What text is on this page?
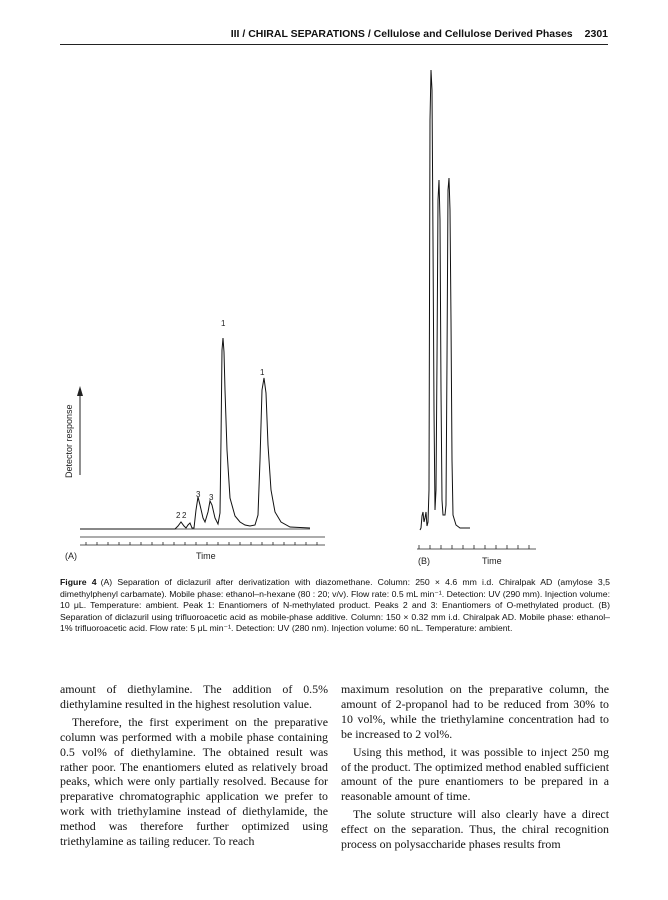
III / CHIRAL SEPARATIONS / Cellulose and Cellulose Derived Phases 2301
Detector response
1
1
3 3
2 2
(A)	Time	(B)	Time
Figure 4 (A) Separation of diclazuril after derivatization with diazomethane. Column: 250 × 4.6 mm i.d. Chiralpak AD (amylose 3,5 dimethylphenyl carbamate). Mobile phase: ethanol–n-hexane (80 : 20; v/v). Flow rate: 0.5 mL min⁻¹. Detection: UV (290 mm). Injection volume: 10 μL. Temperature: ambient. Peak 1: Enantiomers of N-methylated product. Peaks 2 and 3: Enantiomers of O-methylated product. (B) Separation of diclazuril using trifluoroacetic acid as mobile-phase additive. Column: 150 × 0.32 mm i.d. Chiralpak AD. Mobile phase: ethanol–1% trifluoroacetic acid. Flow rate: 5 μL min⁻¹. Detection: UV (280 nm). Injection volume: 60 nL. Temperature: ambient.

amount of diethylamine. The addition of 0.5% diethylamine resulted in the highest resolution value.

Therefore, the first experiment on the preparative column was performed with a mobile phase containing 0.5 vol% of diethylamine. The obtained result was rather poor. The enantiomers eluted as relatively broad peaks, which were only partially resolved. Because for preparative chromatographic application we prefer to work with triethylamine instead of diethylamide, the method was therefore further optimized using triethylamine as tailing reducer. To reach

maximum resolution on the preparative column, the amount of 2-propanol had to be reduced from 30% to 10 vol%, while the triethylamine concentration had to be increased to 2 vol%.

Using this method, it was possible to inject 250 mg of the product. The optimized method enabled sufficient amount of the pure enantiomers to be prepared in a reasonable amount of time.

The solute structure will also clearly have a direct effect on the separation. Thus, the chiral recognition process on polysaccharide phases results from
